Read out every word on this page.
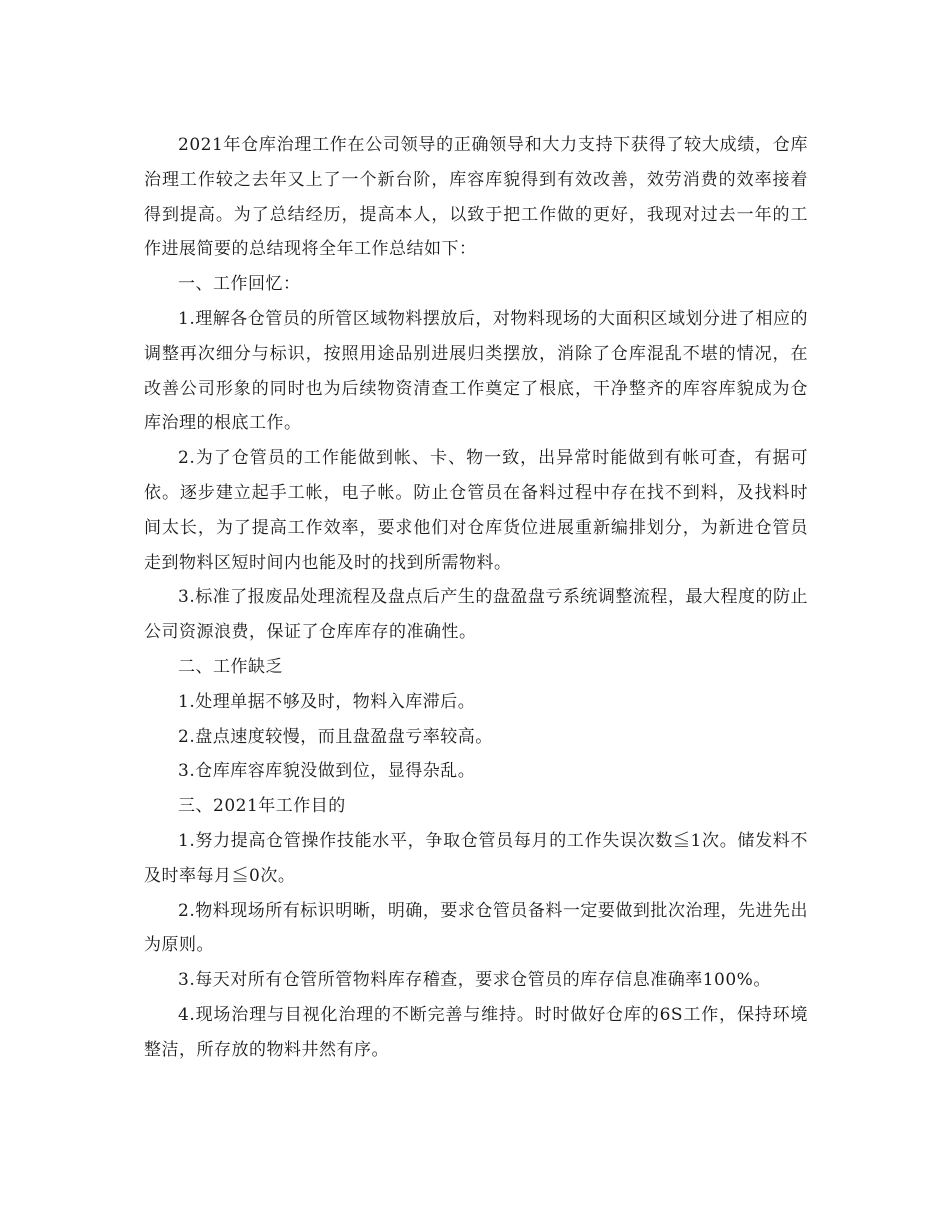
2021年仓库治理工作在公司领导的正确领导和大力支持下获得了较大成绩，仓库治理工作较之去年又上了一个新台阶，库容库貌得到有效改善，效劳消费的效率接着得到提高。为了总结经历，提高本人，以致于把工作做的更好，我现对过去一年的工作进展简要的总结现将全年工作总结如下：

一、工作回忆：

1.理解各仓管员的所管区域物料摆放后，对物料现场的大面积区域划分进了相应的调整再次细分与标识，按照用途品别进展归类摆放，消除了仓库混乱不堪的情况，在改善公司形象的同时也为后续物资清查工作奠定了根底，干净整齐的库容库貌成为仓库治理的根底工作。

2.为了仓管员的工作能做到帐、卡、物一致，出异常时能做到有帐可查，有据可依。逐步建立起手工帐，电子帐。防止仓管员在备料过程中存在找不到料，及找料时间太长，为了提高工作效率，要求他们对仓库货位进展重新编排划分，为新进仓管员走到物料区短时间内也能及时的找到所需物料。

3.标准了报废品处理流程及盘点后产生的盘盈盘亏系统调整流程，最大程度的防止公司资源浪费，保证了仓库库存的准确性。

二、工作缺乏

1.处理单据不够及时，物料入库滞后。

2.盘点速度较慢，而且盘盈盘亏率较高。

3.仓库库容库貌没做到位，显得杂乱。

三、2021年工作目的

1.努力提高仓管操作技能水平，争取仓管员每月的工作失误次数≦1次。储发料不及时率每月≦0次。

2.物料现场所有标识明晰，明确，要求仓管员备料一定要做到批次治理，先进先出为原则。

3.每天对所有仓管所管物料库存稽查，要求仓管员的库存信息准确率100%。

4.现场治理与目视化治理的不断完善与维持。时时做好仓库的6S工作，保持环境整洁，所存放的物料井然有序。
